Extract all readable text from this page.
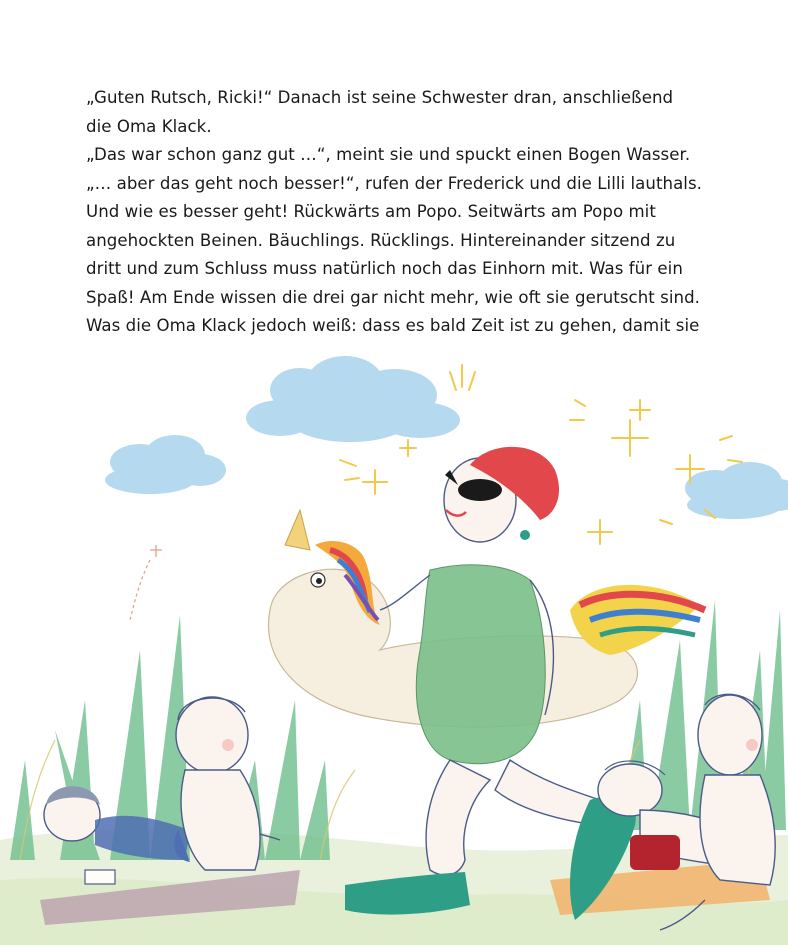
„Guten Rutsch, Ricki!“ Danach ist seine Schwester dran, anschließend
die Oma Klack.
„Das war schon ganz gut …“, meint sie und spuckt einen Bogen Wasser.
„… aber das geht noch besser!“, rufen der Frederick und die Lilli lauthals.
Und wie es besser geht! Rückwärts am Popo. Seitwärts am Popo mit
angehockten Beinen. Bäuchlings. Rücklings. Hintereinander sitzend zu
dritt und zum Schluss muss natürlich noch das Einhorn mit. Was für ein
Spaß! Am Ende wissen die drei gar nicht mehr, wie oft sie gerutscht sind.
Was die Oma Klack jedoch weiß: dass es bald Zeit ist zu gehen, damit sie
